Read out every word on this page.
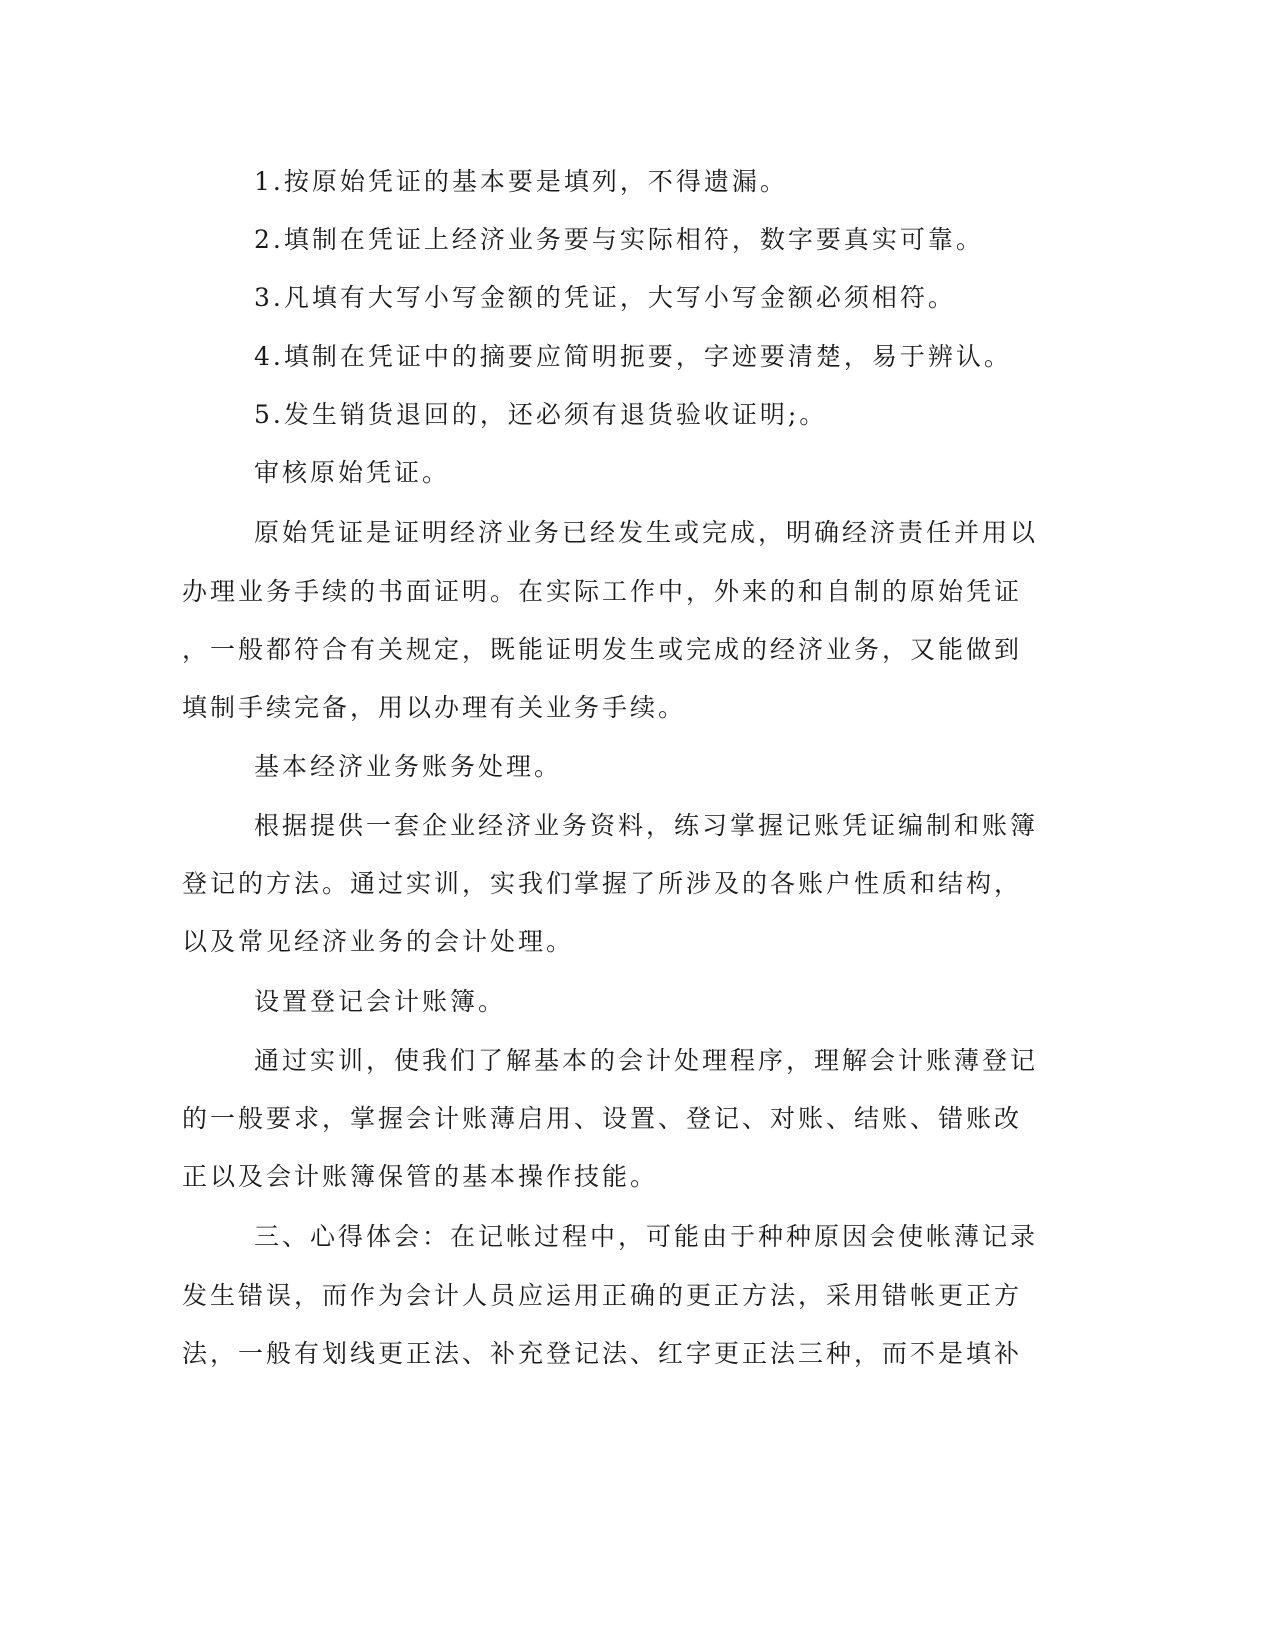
1.按原始凭证的基本要是填列，不得遗漏。
2.填制在凭证上经济业务要与实际相符，数字要真实可靠。
3.凡填有大写小写金额的凭证，大写小写金额必须相符。
4.填制在凭证中的摘要应简明扼要，字迹要清楚，易于辨认。
5.发生销货退回的，还必须有退货验收证明;。
审核原始凭证。
原始凭证是证明经济业务已经发生或完成，明确经济责任并用以
办理业务手续的书面证明。在实际工作中，外来的和自制的原始凭证
，一般都符合有关规定，既能证明发生或完成的经济业务，又能做到
填制手续完备，用以办理有关业务手续。
基本经济业务账务处理。
根据提供一套企业经济业务资料，练习掌握记账凭证编制和账簿
登记的方法。通过实训，实我们掌握了所涉及的各账户性质和结构，
以及常见经济业务的会计处理。
设置登记会计账簿。
通过实训，使我们了解基本的会计处理程序，理解会计账薄登记
的一般要求，掌握会计账薄启用、设置、登记、对账、结账、错账改
正以及会计账簿保管的基本操作技能。
三、心得体会：在记帐过程中，可能由于种种原因会使帐薄记录
发生错误，而作为会计人员应运用正确的更正方法，采用错帐更正方
法，一般有划线更正法、补充登记法、红字更正法三种，而不是填补
